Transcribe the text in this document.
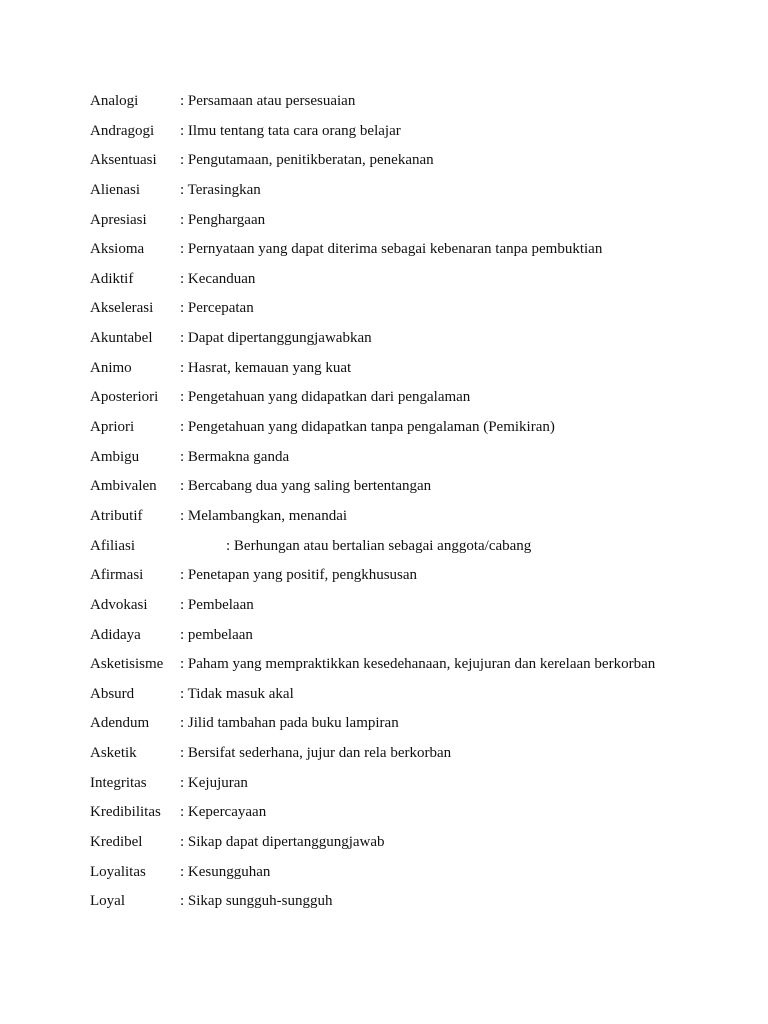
Analogi	: Persamaan atau persesuaian
Andragogi : Ilmu tentang tata cara orang belajar
Aksentuasi : Pengutamaan, penitikberatan, penekanan
Alienasi	: Terasingkan
Apresiasi : Penghargaan
Aksioma : Pernyataan yang dapat diterima sebagai kebenaran tanpa pembuktian
Adiktif	: Kecanduan
Akselerasi : Percepatan
Akuntabel : Dapat dipertanggungjawabkan
Animo	: Hasrat, kemauan yang kuat
Aposteriori : Pengetahuan yang didapatkan dari pengalaman
Apriori	: Pengetahuan yang didapatkan tanpa pengalaman (Pemikiran)
Ambigu	: Bermakna ganda
Ambivalen : Bercabang dua yang saling bertentangan
Atributif	: Melambangkan, menandai
Afiliasi	: Berhungan atau bertalian sebagai anggota/cabang
Afirmasi : Penetapan yang positif, pengkhususan
Advokasi : Pembelaan
Adidaya	: pembelaan
Asketisisme : Paham yang mempraktikkan kesedehanaan, kejujuran dan kerelaan berkorban
Absurd	: Tidak masuk akal
Adendum : Jilid tambahan pada buku lampiran
Asketik	: Bersifat sederhana, jujur dan rela berkorban
Integritas : Kejujuran
Kredibilitas : Kepercayaan
Kredibel	: Sikap dapat dipertanggungjawab
Loyalitas : Kesungguhan
Loyal	: Sikap sungguh-sungguh
